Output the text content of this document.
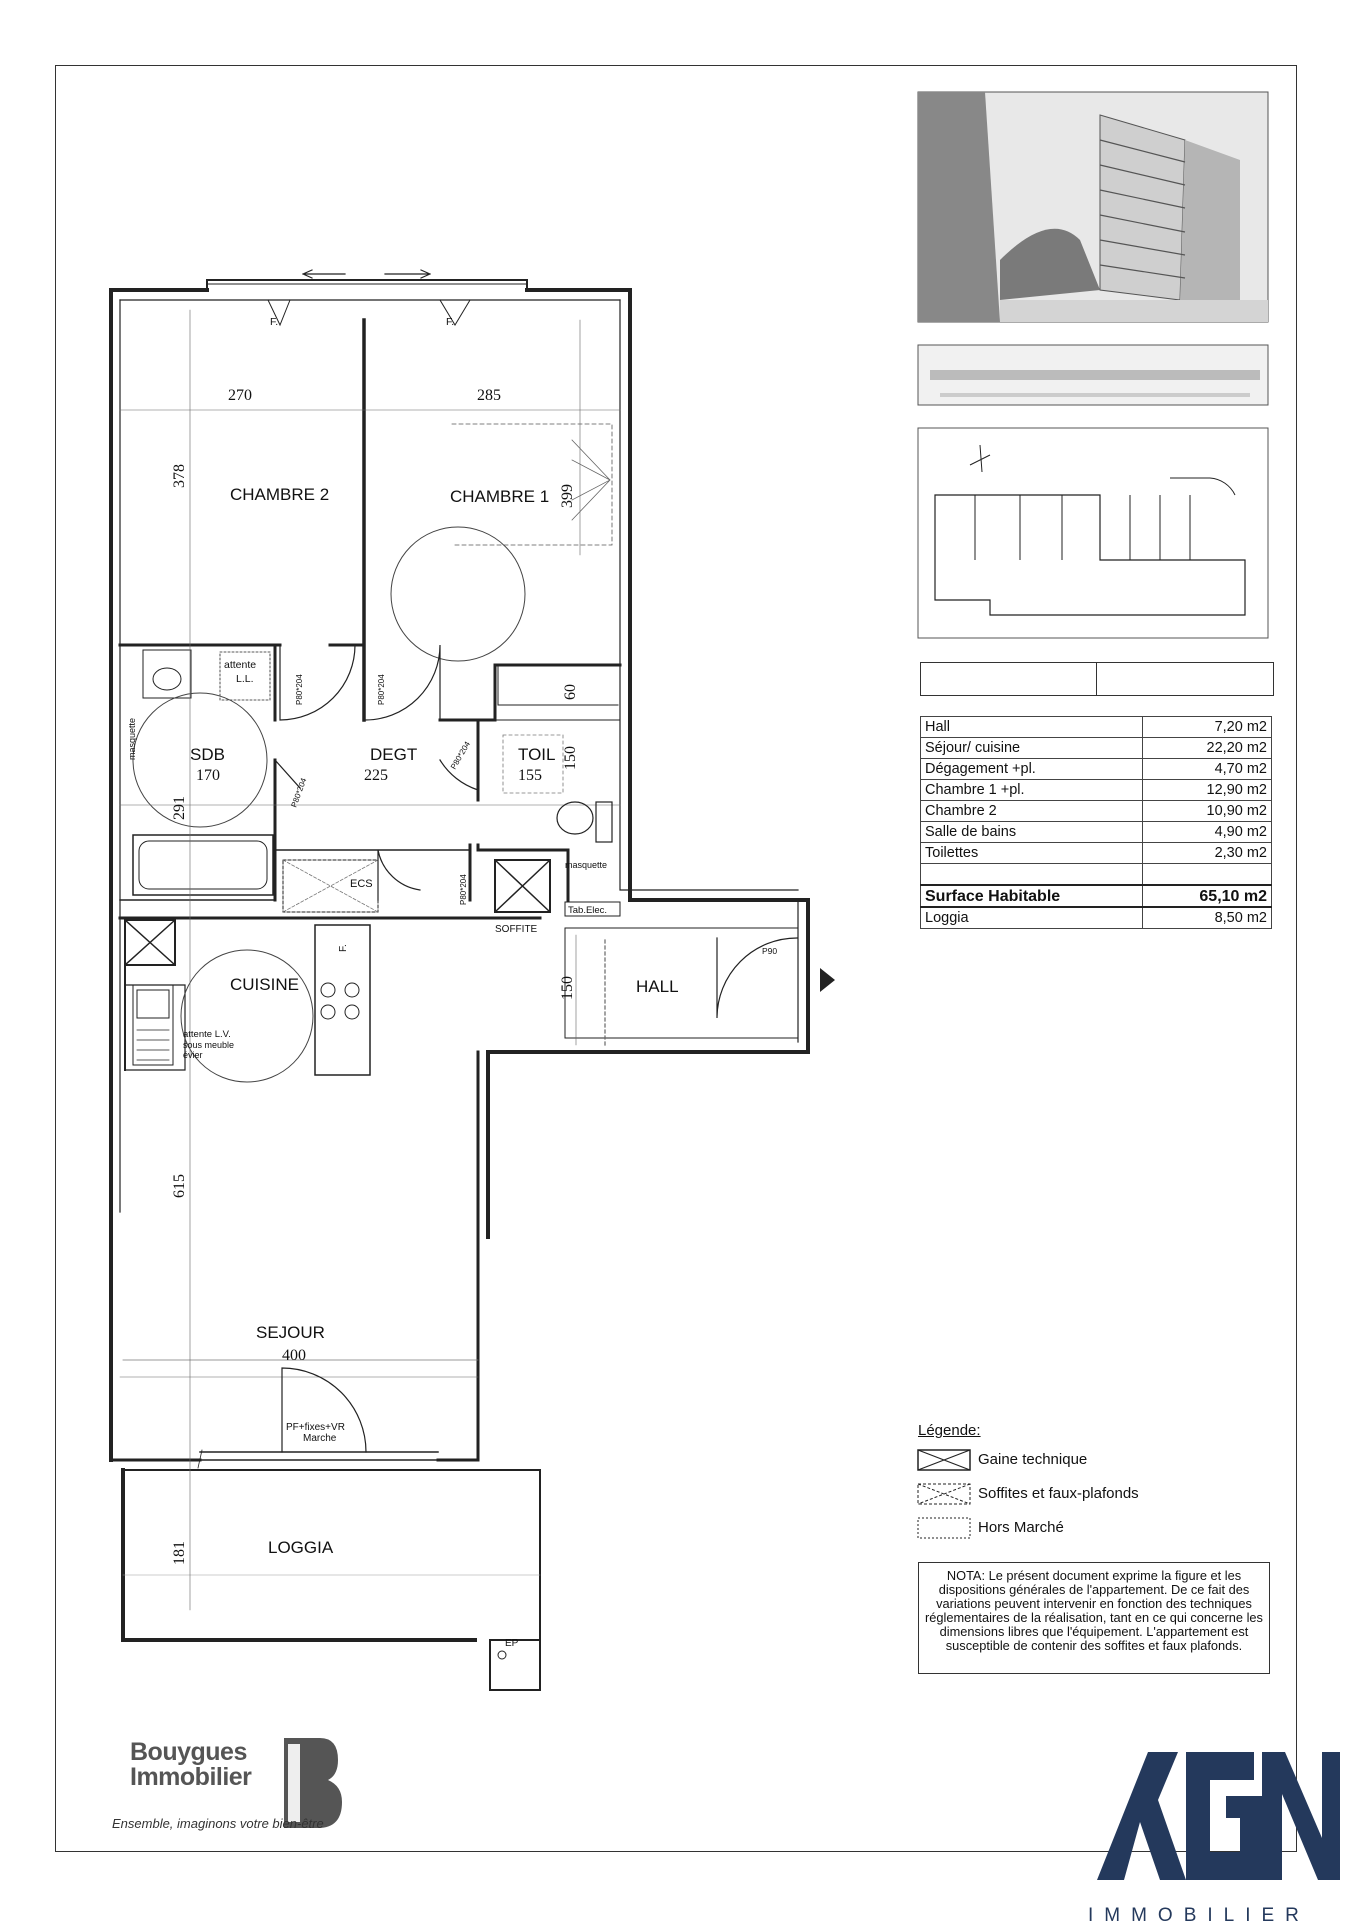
CHAMBRE 2	CHAMBRE 1
SDB	DEGT	TOIL
CUISINE	HALL
SEJOUR
LOGGIA
270	285
170	225	155
400
378
399
60
291
150
150
615
181
F.	F.
attente
L.L.
masquette
masquette
P80*204	P80*204
P80*204
P80*204
P80*204
ECS
Tab.Elec.
SOFFITE
P90
F.
attente L.V.
sous meuble
évier
PF+fixes+VR
Marche
EP
Hall	7,20 m2
Séjour/ cuisine	22,20 m2
Dégagement +pl.	4,70 m2
Chambre 1 +pl.	12,90 m2
Chambre 2	10,90 m2
Salle de bains	4,90 m2
Toilettes	2,30 m2

Surface Habitable	65,10 m2
Loggia	8,50 m2
Légende:
Gaine technique
Soffites et faux-plafonds
Hors Marché
NOTA: Le présent document exprime la figure et les dispositions générales de l'appartement. De ce fait des variations peuvent intervenir en fonction des techniques réglementaires de la réalisation, tant en ce qui concerne les dimensions libres que l'équipement. L'appartement est susceptible de contenir des soffites et faux plafonds.
Bouygues
Immobilier
Ensemble, imaginons votre bien-être
IMMOBILIER
